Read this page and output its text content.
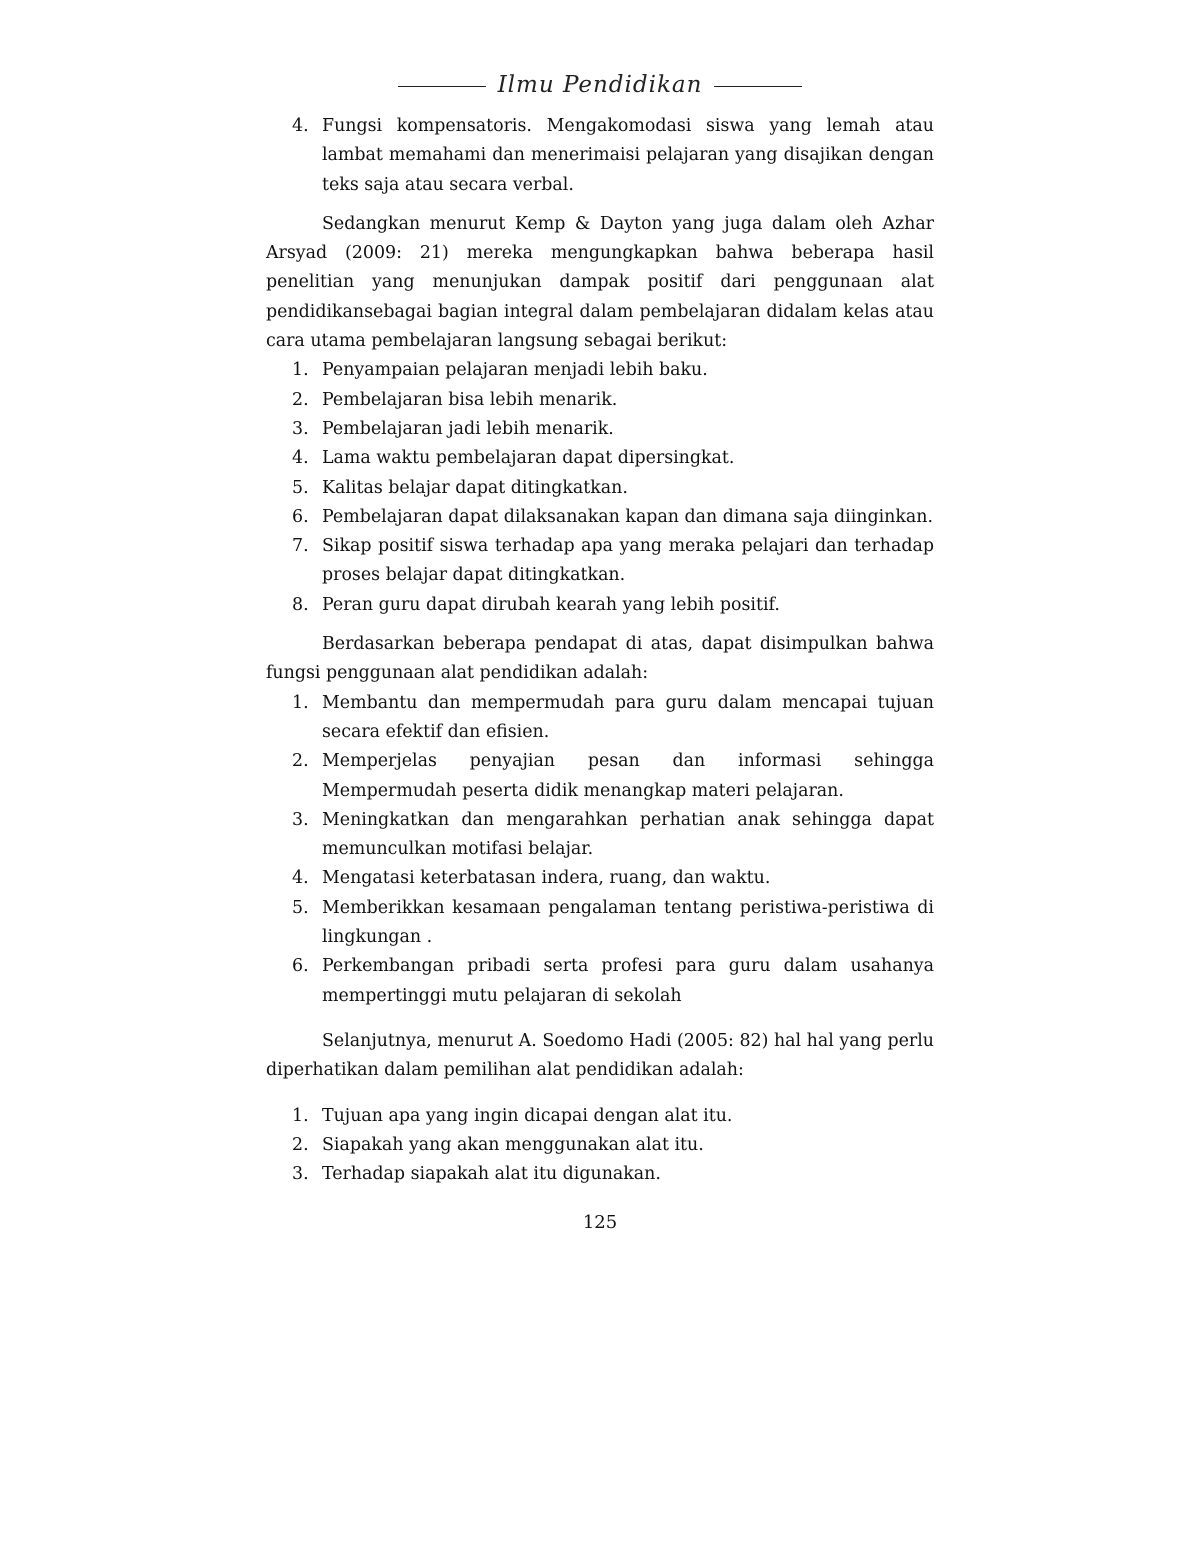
Ilmu Pendidikan
4. Fungsi kompensatoris. Mengakomodasi siswa yang lemah atau lambat memahami dan menerimaisi pelajaran yang disajikan dengan teks saja atau secara verbal.

Sedangkan menurut Kemp & Dayton yang juga dalam oleh Azhar Arsyad (2009: 21) mereka mengungkapkan bahwa beberapa hasil penelitian yang menunjukan dampak positif dari penggunaan alat pendidikansebagai bagian integral dalam pembelajaran didalam kelas atau cara utama pembelajaran langsung sebagai berikut:

1. Penyampaian pelajaran menjadi lebih baku.
2. Pembelajaran bisa lebih menarik.
3. Pembelajaran jadi lebih menarik.
4. Lama waktu pembelajaran dapat dipersingkat.
5. Kalitas belajar dapat ditingkatkan.
6. Pembelajaran dapat dilaksanakan kapan dan dimana saja diinginkan.
7. Sikap positif siswa terhadap apa yang meraka pelajari dan terhadap proses belajar dapat ditingkatkan.
8. Peran guru dapat dirubah kearah yang lebih positif.

Berdasarkan beberapa pendapat di atas, dapat disimpulkan bahwa fungsi penggunaan alat pendidikan adalah:

1. Membantu dan mempermudah para guru dalam mencapai tujuan secara efektif dan efisien.
2. Memperjelas penyajian pesan dan informasi sehingga Mempermudah peserta didik menangkap materi pelajaran.
3. Meningkatkan dan mengarahkan perhatian anak sehingga dapat memunculkan motifasi belajar.
4. Mengatasi keterbatasan indera, ruang, dan waktu.
5. Memberikkan kesamaan pengalaman tentang peristiwa-peristiwa di lingkungan .
6. Perkembangan pribadi serta profesi para guru dalam usahanya mempertinggi mutu pelajaran di sekolah

Selanjutnya, menurut A. Soedomo Hadi (2005: 82) hal hal yang perlu diperhatikan dalam pemilihan alat pendidikan adalah:

1. Tujuan apa yang ingin dicapai dengan alat itu.
2. Siapakah yang akan menggunakan alat itu.
3. Terhadap siapakah alat itu digunakan.
125
